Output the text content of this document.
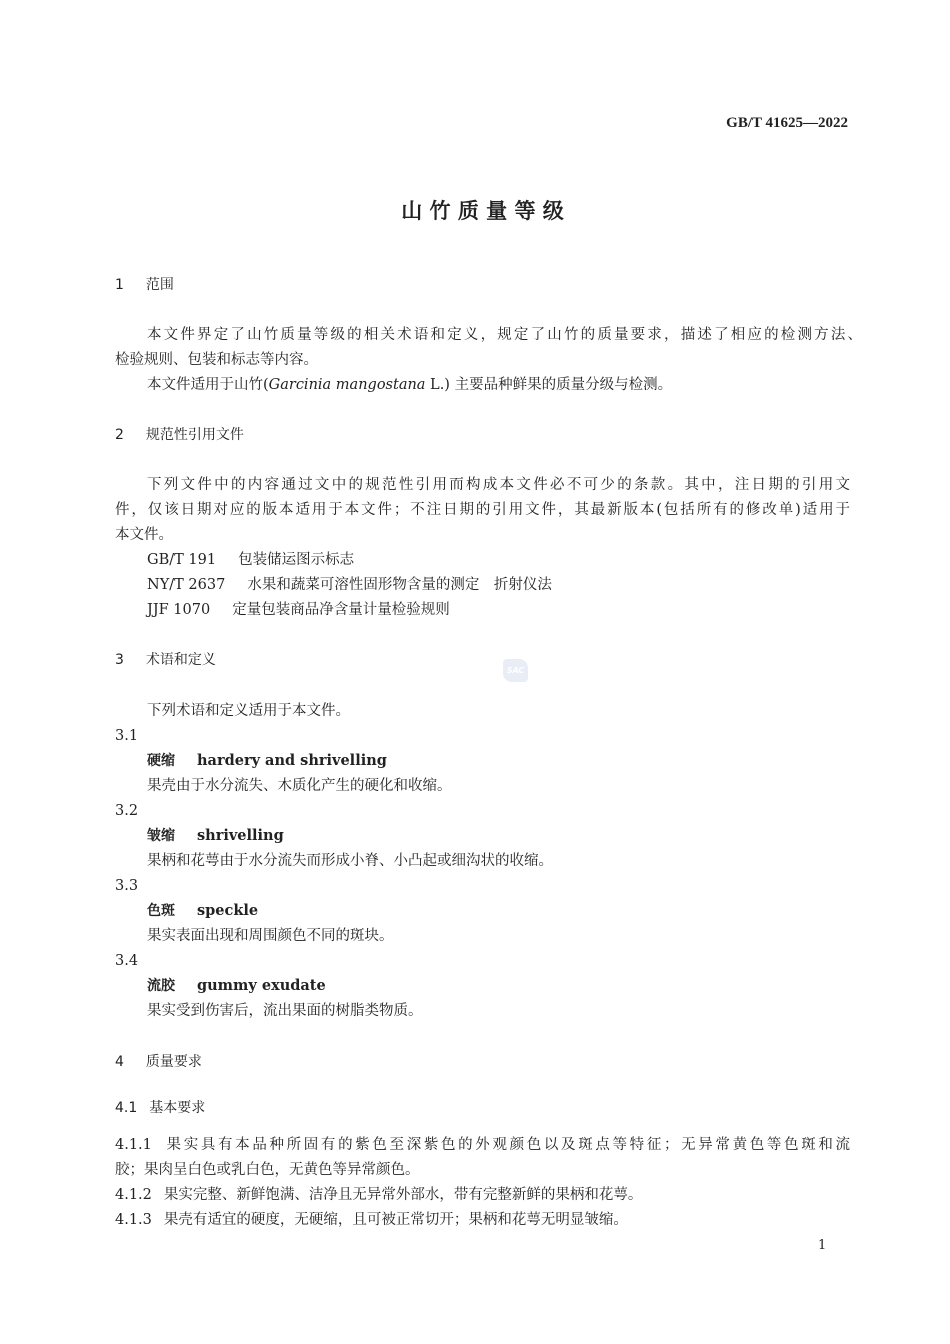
GB/T 41625—2022
山 竹 质 量 等 级
1 范围
本文件界定了山竹质量等级的相关术语和定义，规定了山竹的质量要求，描述了相应的检测方法、
检验规则、包装和标志等内容。
本文件适用于山竹(Garcinia mangostana L.) 主要品种鲜果的质量分级与检测。
2 规范性引用文件
下列文件中的内容通过文中的规范性引用而构成本文件必不可少的条款。其中，注日期的引用文
件，仅该日期对应的版本适用于本文件；不注日期的引用文件，其最新版本(包括所有的修改单)适用于
本文件。
GB/T 191 包装储运图示标志
NY/T 2637 水果和蔬菜可溶性固形物含量的测定　折射仪法
JJF 1070 定量包装商品净含量计量检验规则
3 术语和定义
SAC
下列术语和定义适用于本文件。
3.1
硬缩 hardery and shrivelling
果壳由于水分流失、木质化产生的硬化和收缩。
3.2
皱缩 shrivelling
果柄和花萼由于水分流失而形成小脊、小凸起或细沟状的收缩。
3.3
色斑 speckle
果实表面出现和周围颜色不同的斑块。
3.4
流胶 gummy exudate
果实受到伤害后，流出果面的树脂类物质。
4 质量要求
4.1 基本要求
4.1.1 果实具有本品种所固有的紫色至深紫色的外观颜色以及斑点等特征；无异常黄色等色斑和流
胶；果肉呈白色或乳白色，无黄色等异常颜色。
4.1.2 果实完整、新鲜饱满、洁净且无异常外部水，带有完整新鲜的果柄和花萼。
4.1.3 果壳有适宜的硬度，无硬缩，且可被正常切开；果柄和花萼无明显皱缩。
1
